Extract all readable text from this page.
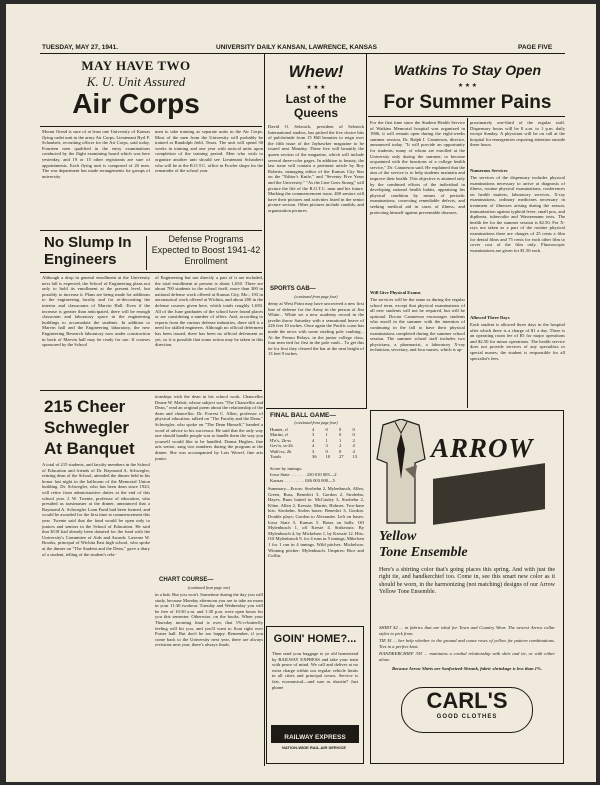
TUESDAY, MAY 27, 1941.	UNIVERSITY DAILY KANSAN, LAWRENCE, KANSAS	PAGE FIVE
MAY HAVE TWO
K. U. Unit Assured
Air Corps
Mount Oread is sure of at least one University of Kansas flying cadet unit in the army Air Corps, Lieutenant Byrl F. Schaubert, recruiting officer for the Air Corps, said today. Fourteen men qualified in the entry examinations conducted by the flight examining board which was here yesterday, and 19 or 15 other registrants are sure of appointments. Each flying unit is composed of 20 men. The war department has made arrangements for groups of university
men to take training as separate units in the Air Corps. Most of the men from the University will probably be trained at Randolph field, Texas. The unit will spend 30 weeks in training and one year with tactical units upon completion of the training period. Men who wish to organize another unit should see Lieutenant Schaubert who will be at the R.O.T.C. office in Fowler shops for the remainder of the school year.
No Slump In Engineers
Defense Programs Expected to Boost 1941-42 Enrollment
Although a drop in general enrollment at the University next fall is expected, the School of Engineering plans not only to hold its enrollment at the present level, but possibly to increase it. Plans are being made for additions to the engineering faculty and for re-decorating the interior and classrooms of Marvin Hall. Even if the increase is greater than anticipated, there will be enough classroom and laboratory space in the engineering buildings to accomodate the students. In addition to Marvin hall and the Engineering laboratory, the new Engineering Research laboratory now under construction in back of Marvin hall may be ready for use. If courses sponsored by the School
of Engineering but not directly a part of it are included, the total enrollment at present is about 1,650. There are about 700 students in the school itself, more than 300 in national defense work offered at Kansas City, Mo.; 193 in aeronautical work offered at Wichita, and about 200 in the defense courses given here, which totals roughly 1,650. All of the June graduates of the school have found places or are considering a number of offers. And, according to reports from the various defense industries, there still is a need for skilled engineers. Although no official deferment has been issued, there has been no official deferment as yet, so it is possible that some action may be taken in this direction.
215 Cheer Schwegler At Banquet
A total of 215 students, and faculty members in the School of Education and friends of Dr. Raymond A. Schwegler, retiring dean of the School, attended the dinner held in his honor last night in the ballroom of the Memorial Union building. Dr. Schwegler, who has been dean since 1923, will retire from administrative duties at the end of this school year. J. W. Twente, professor of education, who presided as toastmaster at the dinner, announced that a Raymond A. Schwegler Loan Fund had been formed, and would be awarded for the first time at commencement this year. Twente said that the fund would be open only to juniors and seniors in the School of Education. He said that $118 had already been donated for the fund with the University's Committee of Aids and Awards. Laverne W. Brooks, principal of Wichita East high school, who spoke at the dinner on "The Student and the Dean," gave a diary of a student, telling of the student's rela-
tionships with the dean in his school work. Chancellor Deane W. Malott, whose subject was "The Chancellor and Dean," read an original poem about the relationship of the dean and chancellor. Dr. Forrest C. Allen, professor of physical education, talked on "The Faculty and the Dean." Schwegler, who spoke on "The Dean Himself," handed a word of advice to his successor. He said that the only way one should handle people was to handle them the way you yourself would like to be handled. Donna Hughes, fine arts senior, sang two numbers during the program at the dinner. She was accompanied by Lois Worrel, fine arts junior.
CHART COURSE—
(continued from page one)
in a hub. But you won't. Sometime during the day you will study, because Monday afternoon you are to take an exam in your 11:30 twohour. Tuesday and Wednesday you will be free of 10:30 a.m. and 1:30 p.m. were open hours for you this semester. Otherwise, on the books. When your Thursday morning final is over, that 1%-o-butterfly feeling will hit you, and you'll want to float right over Fraser hall. But don't be too happy. Remember, if you come back to the University next year, there are always revisions next year, there's always finals.
Whew!
★ ★ ★
Last of the Queens
David O. Selznick, president of Selznick International studios, has picked the five choice bits of pulchritude from 15 Hill beauties to reign over the fifth issue of the Jayhawker magazine to be issued next Monday. These five will beautify the queen section of the magazine, which will include several three-color pages. In addition to beauty, the last issue will contain a pertinent article by Roy Roberts, managing editor of the Kansas City Star on the "Editor's Knife," and "Seventy Five Years and the University." "As the Line Goes Strong" will picture the life of the R.O.T.C. man and his future. Marking the commencement issue, 400 seniors will have their pictures and activities listed in the senior picture section. Other pictures include candids, and organization pictures.
SPORTS GAB—
(continued from page four)
demy at West Point may have uncovered a new first line of defense for the Army in the person of Jim White... White set a new academy record in the javelin throw Saturday with a sensational heave of 226 feet 10 inches. Once again the Pacific coast has made the news with some sizzling pole vaulting... At the Fresno Relays, in the junior college class, four men tied for first in the pole vault... To get this tie for first they cleared the bar at the neat height of 13 feet 9 inches.
FINAL BALL GAME—
(continued from page four)
Hunter, rf	4	0	0	0
Martin, rf	3	1	0	0
H'n's, 2b-ss	4	1	1	2
Gev'n, ss-2b	4	3	2	4
Walt'rss, 2b	3	0	0	4
Totals	36	10	27	13
Score by innings:
Iowa State . . . . . . . 230 010 003—2
Kansas . . . . . . . . . 026 003 000—5
Summary—Errors: Strobehn 2, Mylenbusch, Allen, Green, Russ, Benedict 3, Gordon 2, Strobehn, Hayes. Runs batted in: McCauley 3, Strobehn 2, Kline, Allen 2, Kressie, Martin, Holmes. Two-base hits: Strobehn. Stolen bases: Benedict 3, Gordon. Double plays: Gordon to Alexander. Left on bases: Iowa State 5, Kansas 5. Bases on balls: Off Mylenbusch 1, off Kresie 4. Strikeouts: By Mylenbusch 4, by Mickelsen 1, by Kressie 12. Hits: Off Mylenbusch 9, for 4 runs in 5 innings, Mikelsen 1 for 1 run in 4 innings. Wild pitches: Mickelson. Winning pitcher: Mylenbusch. Umpires: Bice and Coffin.
GOIN' HOME?...
Then send your baggage to ye old homestead by RAILWAY EXPRESS and take your train with peace of mind. We call and deliver at no extra charge within our regular vehicle limits in all cities and principal towns. Service is fast, economical—and sure as shootin'! Just phone
RAILWAY EXPRESS AGENCY
NATION-WIDE RAIL-AIR SERVICE
Watkins To Stay Open
★ ★ ★
For Summer Pains
For the first time since the Student Health Service of Watkins Memorial hospital was organized in 1906, it will remain open during the eight-weeks summer session, Dr. Ralph I. Canuteson, director, announced today. "It will provide an opportunity for students, many of whom are enrolled at the University only during the summer, to become acquainted with the functions of a college health service," Dr. Canuteson said. He explained that the aim of the service is to help students maintain and improve their health. This objective is attained only by the combined efforts of the individual in developing rational health habits, appraising his physical condition by means of periodic examinations, correcting remediable defects, and seeking medical aid in cases of illness, and protecting himself against preventable diseases.
Will Give Physical Exams
The services will be the same as during the regular school term, except that physical examinations of all new students will not be required, but will be optional. Doctor Canuteson encourages students who enroll in the summer with the intention of continuing in the fall to have their physical examinations completed during the summer school session. The summer school staff includes two physicians, a pharmacist, a laboratory X-ray technician, secretary, and four nurses, which is ap-
proximately one-third of the regular staff. Dispensary hours will be 8 a.m. to 1 p.m. daily except Sunday. A physician will be on call at the hospital for emergencies requiring attention outside these hours.
Numerous Services
The services of the dispensary includes physical examinations necessary to arrive at diagnosis of illness, routine physical examinations, conferences on health matters, laboratory services, X-ray examinations, ordinary medicines necessary in treatment of illnesses arising during the season, immunization against typhoid fever, small pox, and diptheria, tuberculin and Wassermann tests. The health fee for the summer session is $2.50. For X-rays not taken as a part of the routine physical examinations there are charges of 25 cents a film for dental films and 75 cents for each other film to cover cost of the film only. Fluoroscopic examinations are given for $1.50 each.
Allowed Three Days
Each student is allowed three days in the hospital after which there is a charge of $1 a day. There is an operating room fee of $5 for major operations and $2.50 for minor operations. The health service does not provide services of any specialists or special nurses; the student is responsible for all specialist's fees.
ARROW
Yellow
Tone Ensemble
Here's a shirting color that's going places this spring. And with just the right tie, and handkerchief too. Come in, see this smart new color as it should be worn, in the harmonizing (not matching) designs of our Arrow Yellow Tone Ensemble.
SHIRT $2 ... in fabrics that are ideal for Town and Country Wear. The newest Arrow collar styles to pick from.
TIE $1 ... her help whether to the ground and cause roses of yellow for pattern combinations. Ties in a perfect knot.
HANDKERCHIEF 35¢ ... maintains a cordial relationship with shirt and tie, or with either alone.
Because Arrow Shirts are Sanforized-Shrunk, fabric shrinkage is less than 1%.
CARL'S
GOOD CLOTHES
